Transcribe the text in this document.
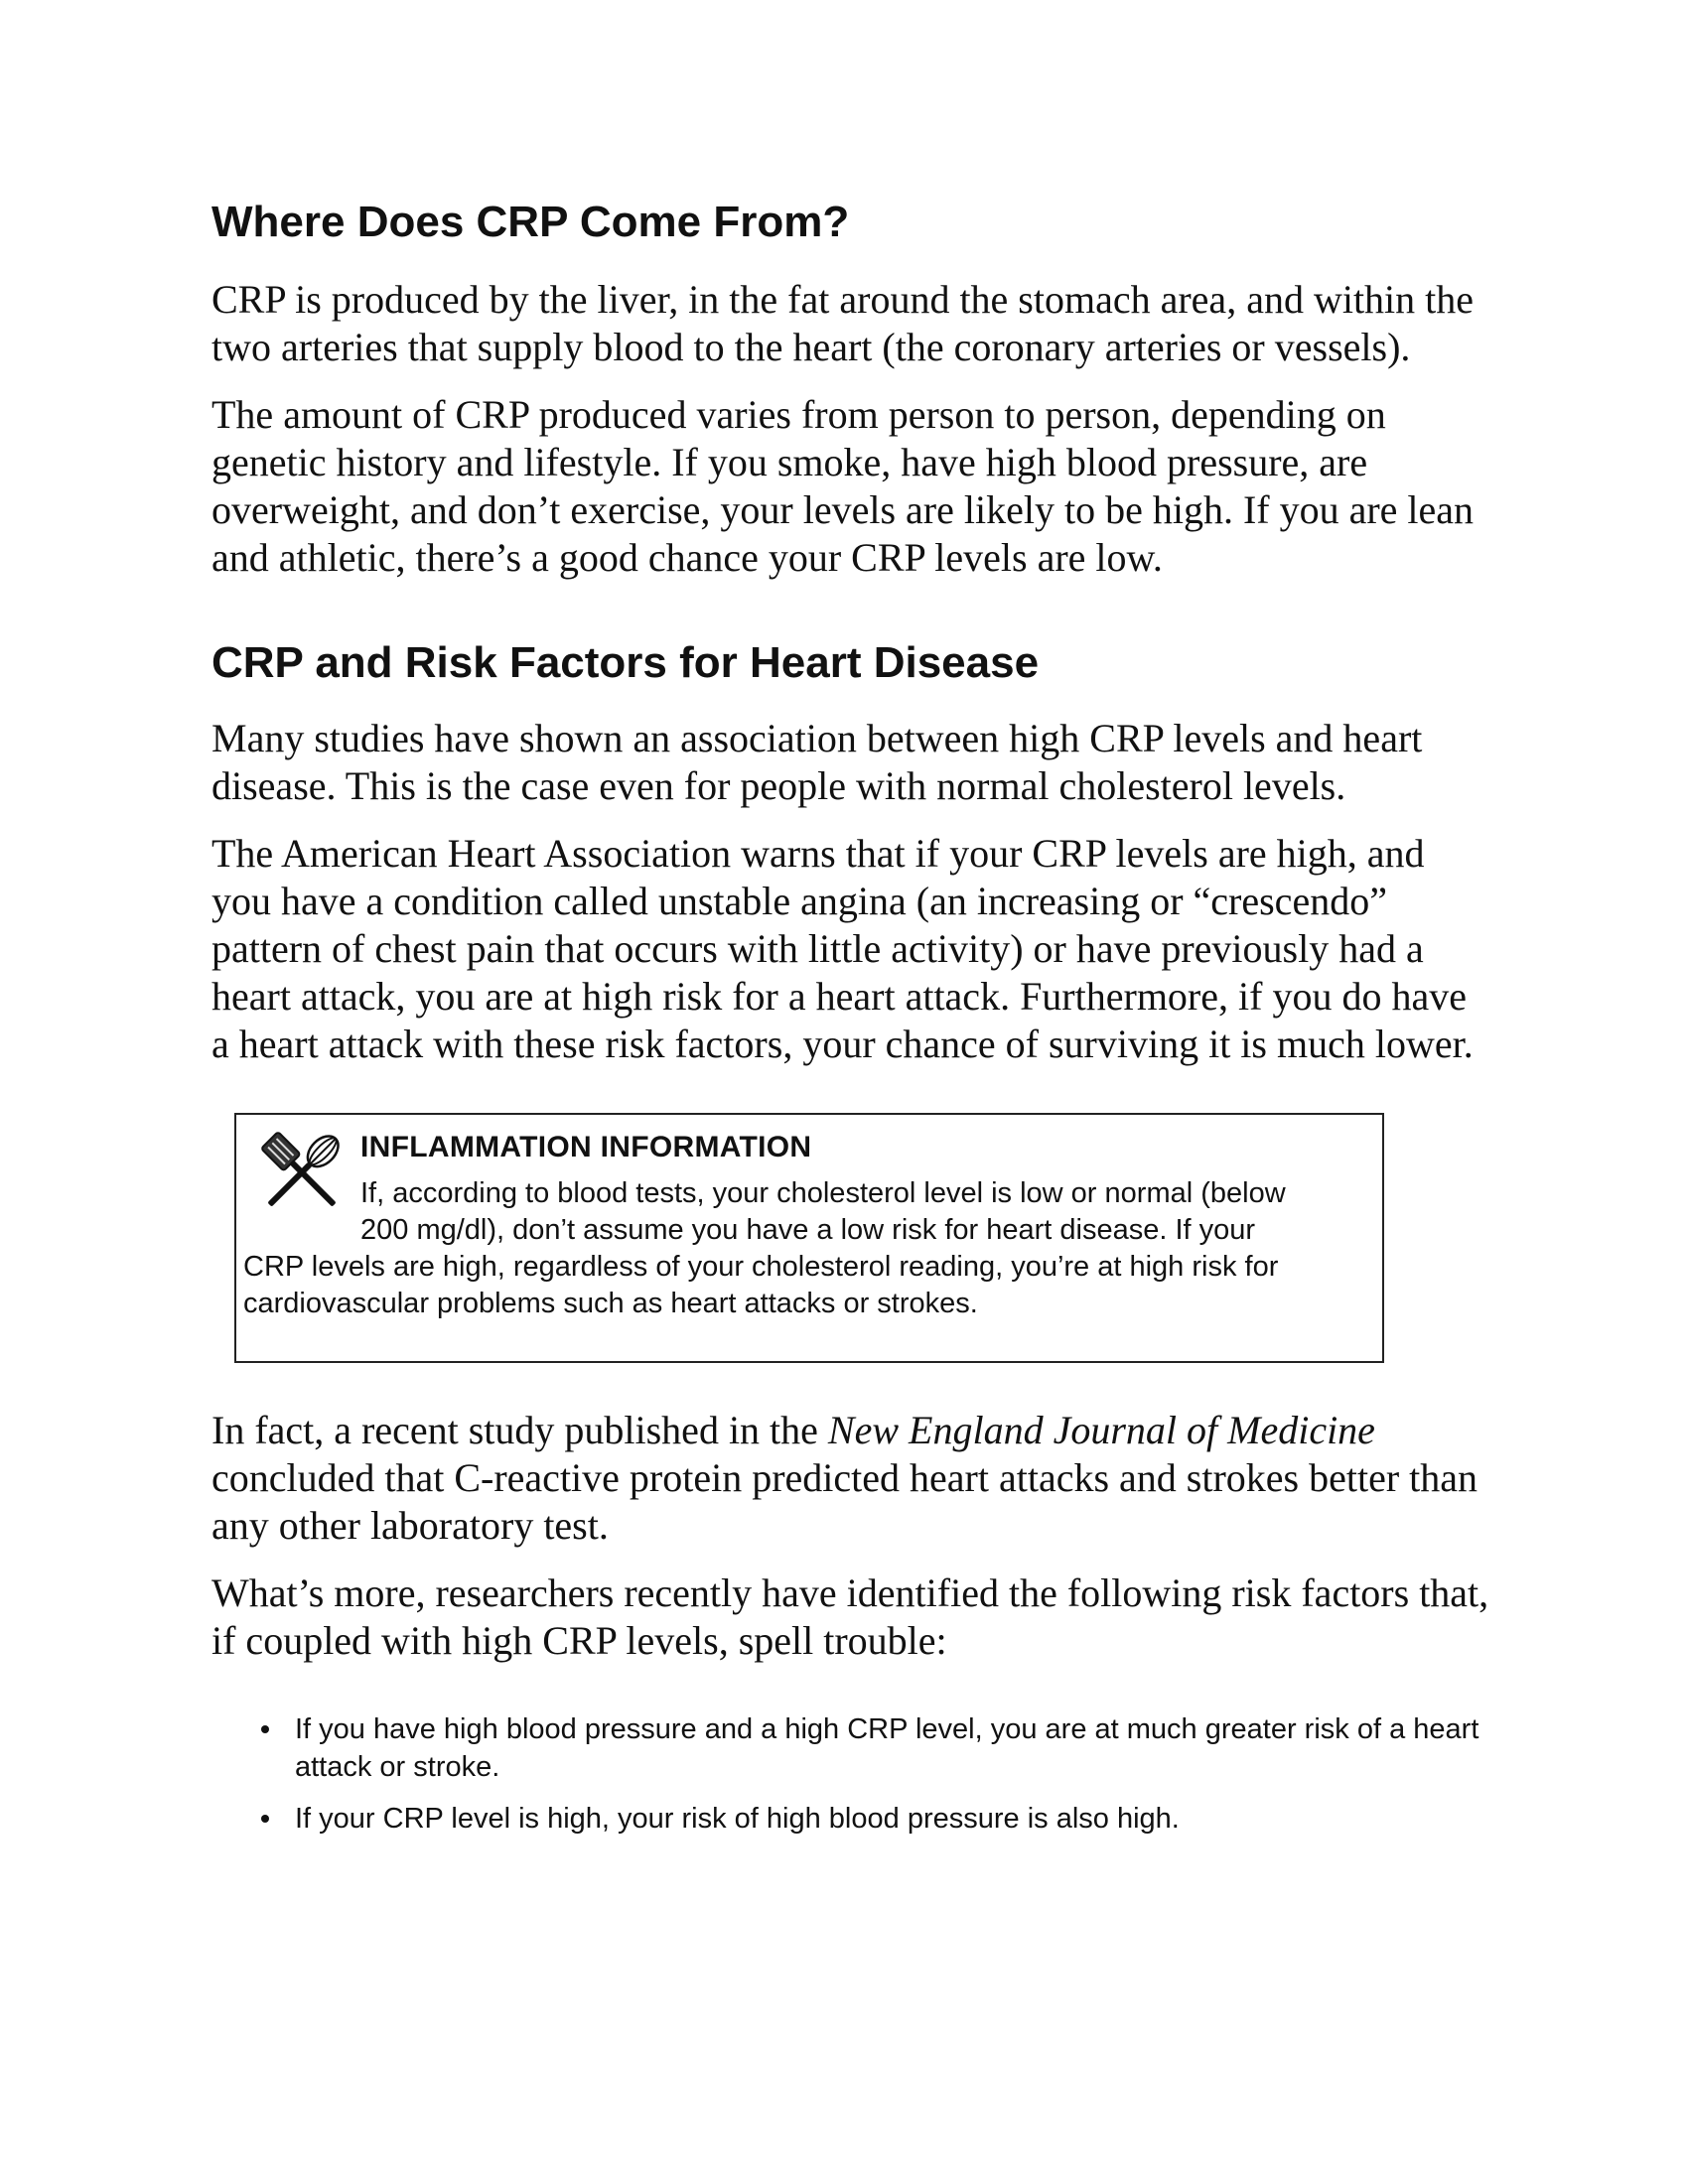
Where Does CRP Come From?

CRP is produced by the liver, in the fat around the stomach area, and within the two arteries that supply blood to the heart (the coronary arteries or vessels).

The amount of CRP produced varies from person to person, depending on genetic history and lifestyle. If you smoke, have high blood pressure, are overweight, and don’t exercise, your levels are likely to be high. If you are lean and athletic, there’s a good chance your CRP levels are low.

CRP and Risk Factors for Heart Disease

Many studies have shown an association between high CRP levels and heart disease. This is the case even for people with normal cholesterol levels.

The American Heart Association warns that if your CRP levels are high, and you have a condition called unstable angina (an increasing or “crescendo” pattern of chest pain that occurs with little activity) or have previously had a heart attack, you are at high risk for a heart attack. Furthermore, if you do have a heart attack with these risk factors, your chance of surviving it is much lower.

INFLAMMATION INFORMATION

If, according to blood tests, your cholesterol level is low or normal (below
200 mg/dl), don’t assume you have a low risk for heart disease. If your
CRP levels are high, regardless of your cholesterol reading, you’re at high risk for cardiovascular problems such as heart attacks or strokes.

In fact, a recent study published in the New England Journal of Medicine concluded that C-reactive protein predicted heart attacks and strokes better than any other laboratory test.

What’s more, researchers recently have identified the following risk factors that, if coupled with high CRP levels, spell trouble:

If you have high blood pressure and a high CRP level, you are at much greater risk of a heart attack or stroke.
If your CRP level is high, your risk of high blood pressure is also high.
